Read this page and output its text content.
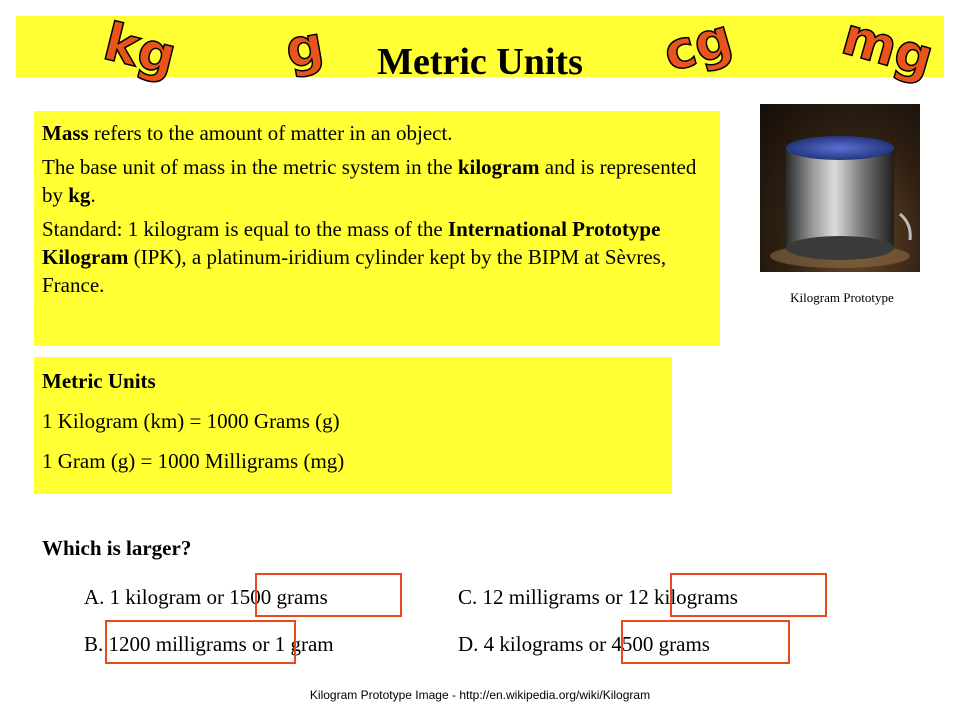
Metric Units
kg g	cg mg

Mass refers to the amount of matter in an object.

The base unit of mass in the metric system in the kilogram and is represented by kg.

Standard: 1 kilogram is equal to the mass of the International Prototype Kilogram (IPK), a platinum-iridium cylinder kept by the BIPM at Sèvres, France.

Metric Units

1 Kilogram (km) = 1000 Grams (g)

1 Gram (g) = 1000 Milligrams (mg)

Kilogram Prototype
Which is larger?
A. 1 kilogram or 1500 grams
B. 1200 milligrams or 1 gram
C. 12 milligrams or 12 kilograms
D. 4 kilograms or 4500 grams
Kilogram Prototype Image - http://en.wikipedia.org/wiki/Kilogram
